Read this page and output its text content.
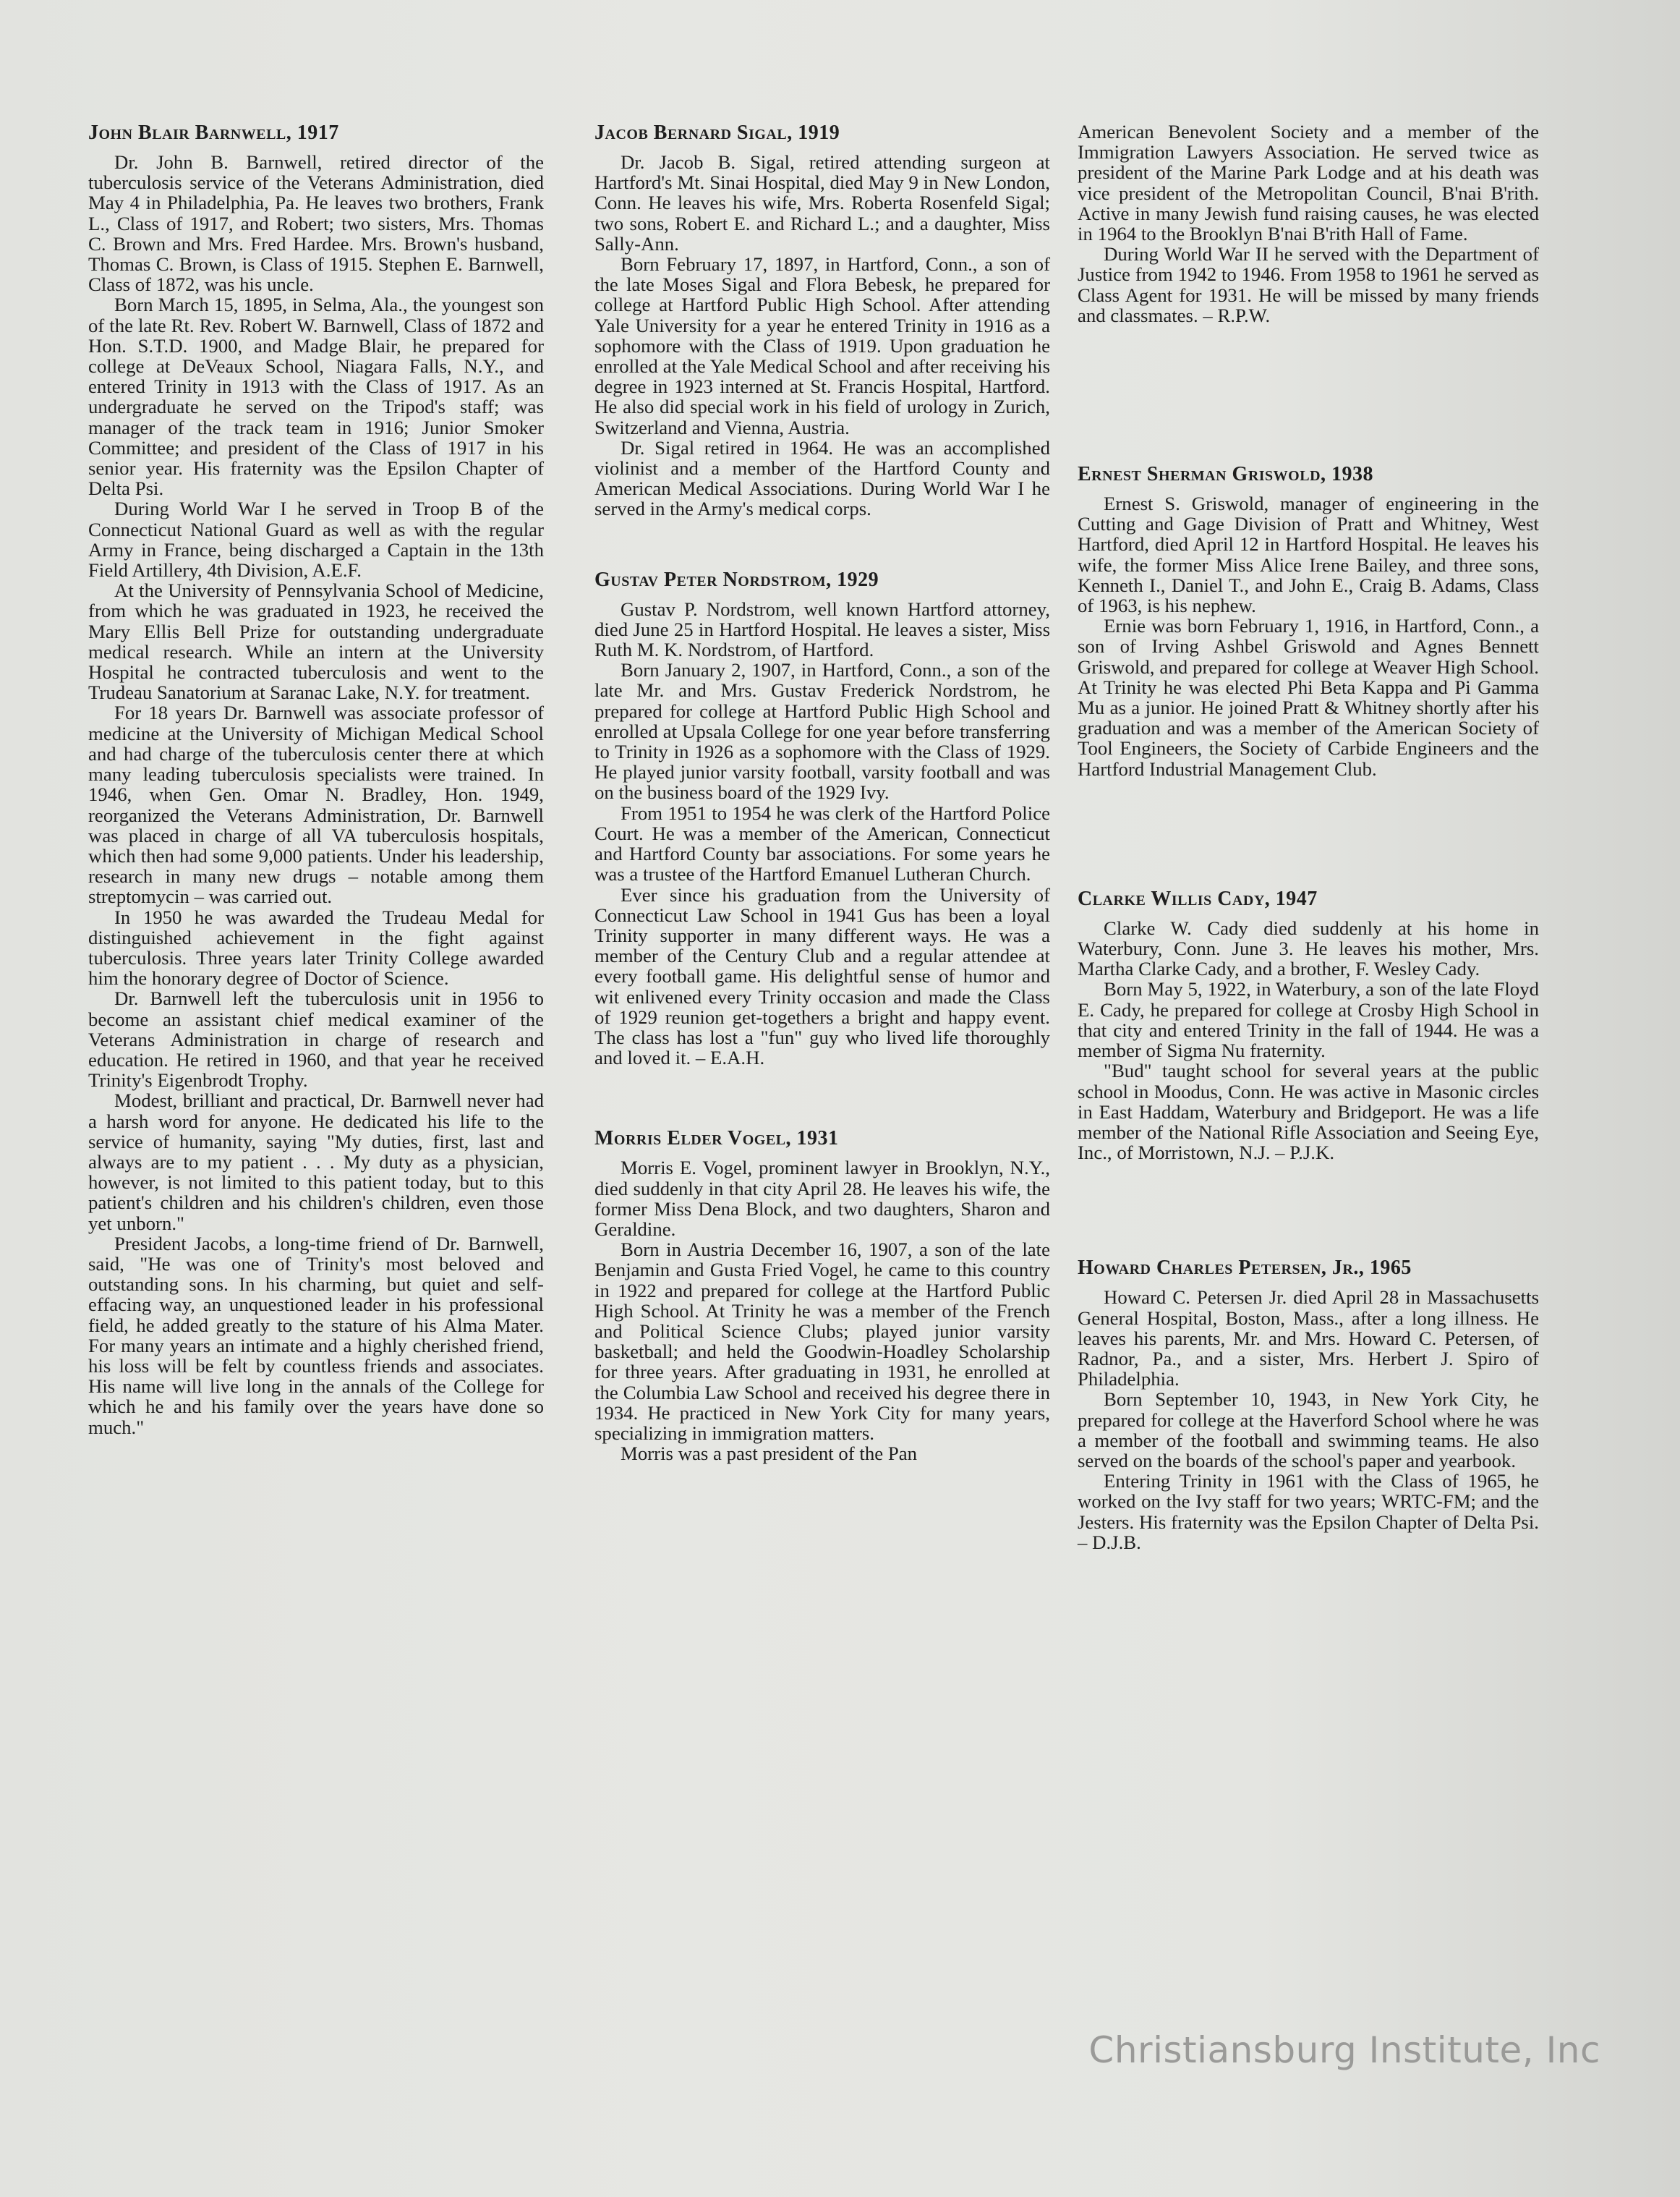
John Blair Barnwell, 1917

Dr. John B. Barnwell, retired director of the tuberculosis service of the Veterans Administration, died May 4 in Philadelphia, Pa. He leaves two brothers, Frank L., Class of 1917, and Robert; two sisters, Mrs. Thomas C. Brown and Mrs. Fred Hardee. Mrs. Brown's husband, Thomas C. Brown, is Class of 1915. Stephen E. Barnwell, Class of 1872, was his uncle.

Born March 15, 1895, in Selma, Ala., the youngest son of the late Rt. Rev. Robert W. Barnwell, Class of 1872 and Hon. S.T.D. 1900, and Madge Blair, he prepared for college at DeVeaux School, Niagara Falls, N.Y., and entered Trinity in 1913 with the Class of 1917. As an undergraduate he served on the Tripod's staff; was manager of the track team in 1916; Junior Smoker Committee; and president of the Class of 1917 in his senior year. His fraternity was the Epsilon Chapter of Delta Psi.

During World War I he served in Troop B of the Connecticut National Guard as well as with the regular Army in France, being discharged a Captain in the 13th Field Artillery, 4th Division, A.E.F.

At the University of Pennsylvania School of Medicine, from which he was graduated in 1923, he received the Mary Ellis Bell Prize for outstanding undergraduate medical research. While an intern at the University Hospital he contracted tuberculosis and went to the Trudeau Sanatorium at Saranac Lake, N.Y. for treatment.

For 18 years Dr. Barnwell was associate professor of medicine at the University of Michigan Medical School and had charge of the tuberculosis center there at which many leading tuberculosis specialists were trained. In 1946, when Gen. Omar N. Bradley, Hon. 1949, reorganized the Veterans Administration, Dr. Barnwell was placed in charge of all VA tuberculosis hospitals, which then had some 9,000 patients. Under his leadership, research in many new drugs – notable among them streptomycin – was carried out.

In 1950 he was awarded the Trudeau Medal for distinguished achievement in the fight against tuberculosis. Three years later Trinity College awarded him the honorary degree of Doctor of Science.

Dr. Barnwell left the tuberculosis unit in 1956 to become an assistant chief medical examiner of the Veterans Administration in charge of research and education. He retired in 1960, and that year he received Trinity's Eigenbrodt Trophy.

Modest, brilliant and practical, Dr. Barnwell never had a harsh word for anyone. He dedicated his life to the service of humanity, saying "My duties, first, last and always are to my patient . . . My duty as a physician, however, is not limited to this patient today, but to this patient's children and his children's children, even those yet unborn."

President Jacobs, a long-time friend of Dr. Barnwell, said, "He was one of Trinity's most beloved and outstanding sons. In his charming, but quiet and self-effacing way, an unquestioned leader in his professional field, he added greatly to the stature of his Alma Mater. For many years an intimate and a highly cherished friend, his loss will be felt by countless friends and associates. His name will live long in the annals of the College for which he and his family over the years have done so much."

Jacob Bernard Sigal, 1919

Dr. Jacob B. Sigal, retired attending surgeon at Hartford's Mt. Sinai Hospital, died May 9 in New London, Conn. He leaves his wife, Mrs. Roberta Rosenfeld Sigal; two sons, Robert E. and Richard L.; and a daughter, Miss Sally-Ann.

Born February 17, 1897, in Hartford, Conn., a son of the late Moses Sigal and Flora Bebesk, he prepared for college at Hartford Public High School. After attending Yale University for a year he entered Trinity in 1916 as a sophomore with the Class of 1919. Upon graduation he enrolled at the Yale Medical School and after receiving his degree in 1923 interned at St. Francis Hospital, Hartford. He also did special work in his field of urology in Zurich, Switzerland and Vienna, Austria.

Dr. Sigal retired in 1964. He was an accomplished violinist and a member of the Hartford County and American Medical Associations. During World War I he served in the Army's medical corps.

Gustav Peter Nordstrom, 1929

Gustav P. Nordstrom, well known Hartford attorney, died June 25 in Hartford Hospital. He leaves a sister, Miss Ruth M. K. Nordstrom, of Hartford.

Born January 2, 1907, in Hartford, Conn., a son of the late Mr. and Mrs. Gustav Frederick Nordstrom, he prepared for college at Hartford Public High School and enrolled at Upsala College for one year before transferring to Trinity in 1926 as a sophomore with the Class of 1929. He played junior varsity football, varsity football and was on the business board of the 1929 Ivy.

From 1951 to 1954 he was clerk of the Hartford Police Court. He was a member of the American, Connecticut and Hartford County bar associations. For some years he was a trustee of the Hartford Emanuel Lutheran Church.

Ever since his graduation from the University of Connecticut Law School in 1941 Gus has been a loyal Trinity supporter in many different ways. He was a member of the Century Club and a regular attendee at every football game. His delightful sense of humor and wit enlivened every Trinity occasion and made the Class of 1929 reunion get-togethers a bright and happy event. The class has lost a "fun" guy who lived life thoroughly and loved it. – E.A.H.

Morris Elder Vogel, 1931

Morris E. Vogel, prominent lawyer in Brooklyn, N.Y., died suddenly in that city April 28. He leaves his wife, the former Miss Dena Block, and two daughters, Sharon and Geraldine.

Born in Austria December 16, 1907, a son of the late Benjamin and Gusta Fried Vogel, he came to this country in 1922 and prepared for college at the Hartford Public High School. At Trinity he was a member of the French and Political Science Clubs; played junior varsity basketball; and held the Goodwin-Hoadley Scholarship for three years. After graduating in 1931, he enrolled at the Columbia Law School and received his degree there in 1934. He practiced in New York City for many years, specializing in immigration matters.

Morris was a past president of the Pan

American Benevolent Society and a member of the Immigration Lawyers Association. He served twice as president of the Marine Park Lodge and at his death was vice president of the Metropolitan Council, B'nai B'rith. Active in many Jewish fund raising causes, he was elected in 1964 to the Brooklyn B'nai B'rith Hall of Fame.

During World War II he served with the Department of Justice from 1942 to 1946. From 1958 to 1961 he served as Class Agent for 1931. He will be missed by many friends and classmates. – R.P.W.

Ernest Sherman Griswold, 1938

Ernest S. Griswold, manager of engineering in the Cutting and Gage Division of Pratt and Whitney, West Hartford, died April 12 in Hartford Hospital. He leaves his wife, the former Miss Alice Irene Bailey, and three sons, Kenneth I., Daniel T., and John E., Craig B. Adams, Class of 1963, is his nephew.

Ernie was born February 1, 1916, in Hartford, Conn., a son of Irving Ashbel Griswold and Agnes Bennett Griswold, and prepared for college at Weaver High School. At Trinity he was elected Phi Beta Kappa and Pi Gamma Mu as a junior. He joined Pratt & Whitney shortly after his graduation and was a member of the American Society of Tool Engineers, the Society of Carbide Engineers and the Hartford Industrial Management Club.

Clarke Willis Cady, 1947

Clarke W. Cady died suddenly at his home in Waterbury, Conn. June 3. He leaves his mother, Mrs. Martha Clarke Cady, and a brother, F. Wesley Cady.

Born May 5, 1922, in Waterbury, a son of the late Floyd E. Cady, he prepared for college at Crosby High School in that city and entered Trinity in the fall of 1944. He was a member of Sigma Nu fraternity.

"Bud" taught school for several years at the public school in Moodus, Conn. He was active in Masonic circles in East Haddam, Waterbury and Bridgeport. He was a life member of the National Rifle Association and Seeing Eye, Inc., of Morristown, N.J. – P.J.K.

Howard Charles Petersen, Jr., 1965

Howard C. Petersen Jr. died April 28 in Massachusetts General Hospital, Boston, Mass., after a long illness. He leaves his parents, Mr. and Mrs. Howard C. Petersen, of Radnor, Pa., and a sister, Mrs. Herbert J. Spiro of Philadelphia.

Born September 10, 1943, in New York City, he prepared for college at the Haverford School where he was a member of the football and swimming teams. He also served on the boards of the school's paper and yearbook.

Entering Trinity in 1961 with the Class of 1965, he worked on the Ivy staff for two years; WRTC-FM; and the Jesters. His fraternity was the Epsilon Chapter of Delta Psi. – D.J.B.

Christiansburg Institute, Inc
